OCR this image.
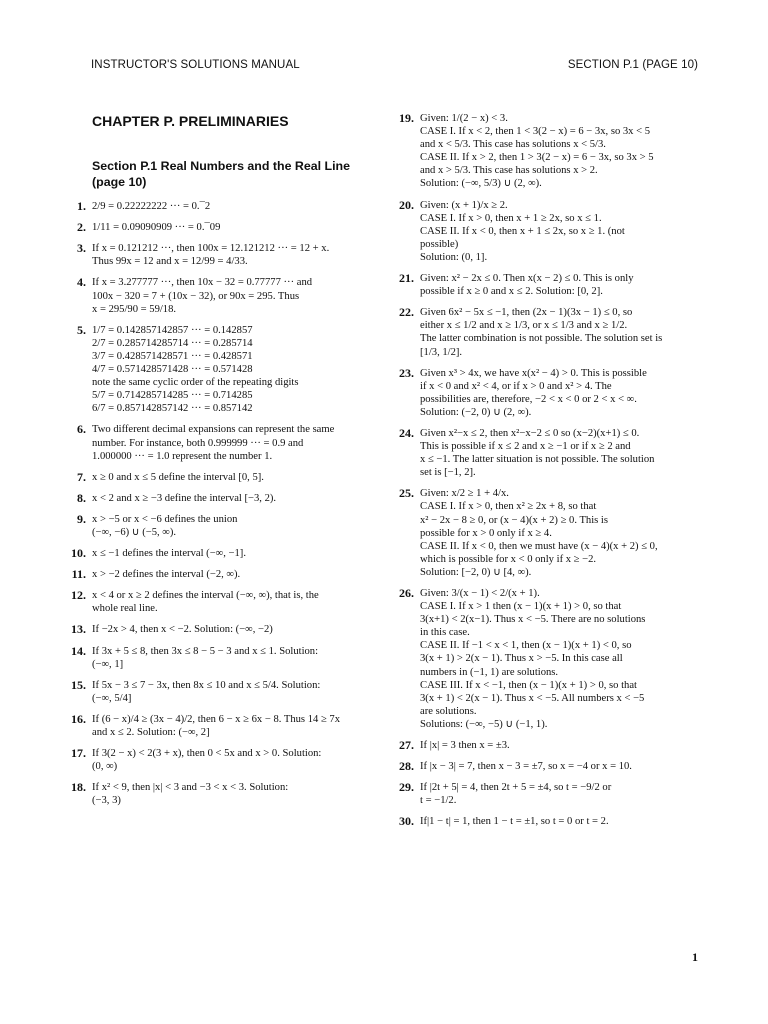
INSTRUCTOR'S SOLUTIONS MANUAL	SECTION P.1 (PAGE 10)
CHAPTER P. PRELIMINARIES
Section P.1 Real Numbers and the Real Line
(page 10)
1. 2/9 = 0.22222222 ··· = 0.¯2
2. 1/11 = 0.09090909 ··· = 0.¯09
3. If x = 0.121212 ···, then 100x = 12.121212 ··· = 12 + x.
Thus 99x = 12 and x = 12/99 = 4/33.
4. If x = 3.277777 ···, then 10x − 32 = 0.77777 ··· and
100x − 320 = 7 + (10x − 32), or 90x = 295. Thus
x = 295/90 = 59/18.
5. 1/7 = 0.142857142857 ··· = 0.142857
2/7 = 0.285714285714 ··· = 0.285714
3/7 = 0.428571428571 ··· = 0.428571
4/7 = 0.571428571428 ··· = 0.571428
note the same cyclic order of the repeating digits
5/7 = 0.714285714285 ··· = 0.714285
6/7 = 0.857142857142 ··· = 0.857142
6. Two different decimal expansions can represent the same
number. For instance, both 0.999999 ··· = 0.9 and
1.000000 ··· = 1.0 represent the number 1.
7. x ≥ 0 and x ≤ 5 define the interval [0, 5].
8. x < 2 and x ≥ −3 define the interval [−3, 2).
9. x > −5 or x < −6 defines the union
(−∞, −6) ∪ (−5, ∞).
10. x ≤ −1 defines the interval (−∞, −1].
11. x > −2 defines the interval (−2, ∞).
12. x < 4 or x ≥ 2 defines the interval (−∞, ∞), that is, the
whole real line.
13. If −2x > 4, then x < −2. Solution: (−∞, −2)
14. If 3x + 5 ≤ 8, then 3x ≤ 8 − 5 − 3 and x ≤ 1. Solution:
(−∞, 1]
15. If 5x − 3 ≤ 7 − 3x, then 8x ≤ 10 and x ≤ 5/4. Solution:
(−∞, 5/4]
16. If (6 − x)/4 ≥ (3x − 4)/2, then 6 − x ≥ 6x − 8. Thus 14 ≥ 7x
and x ≤ 2. Solution: (−∞, 2]
17. If 3(2 − x) < 2(3 + x), then 0 < 5x and x > 0. Solution:
(0, ∞)
18. If x² < 9, then |x| < 3 and −3 < x < 3. Solution:
(−3, 3)
19. Given: 1/(2 − x) < 3.
CASE I. If x < 2, then 1 < 3(2 − x) = 6 − 3x, so 3x < 5
and x < 5/3. This case has solutions x < 5/3.
CASE II. If x > 2, then 1 > 3(2 − x) = 6 − 3x, so 3x > 5
and x > 5/3. This case has solutions x > 2.
Solution: (−∞, 5/3) ∪ (2, ∞).
20. Given: (x + 1)/x ≥ 2.
CASE I. If x > 0, then x + 1 ≥ 2x, so x ≤ 1.
CASE II. If x < 0, then x + 1 ≤ 2x, so x ≥ 1. (not
possible)
Solution: (0, 1].
21. Given: x² − 2x ≤ 0. Then x(x − 2) ≤ 0. This is only
possible if x ≥ 0 and x ≤ 2. Solution: [0, 2].
22. Given 6x² − 5x ≤ −1, then (2x − 1)(3x − 1) ≤ 0, so
either x ≤ 1/2 and x ≥ 1/3, or x ≤ 1/3 and x ≥ 1/2.
The latter combination is not possible. The solution set is
[1/3, 1/2].
23. Given x³ > 4x, we have x(x² − 4) > 0. This is possible
if x < 0 and x² < 4, or if x > 0 and x² > 4. The
possibilities are, therefore, −2 < x < 0 or 2 < x < ∞.
Solution: (−2, 0) ∪ (2, ∞).
24. Given x²−x ≤ 2, then x²−x−2 ≤ 0 so (x−2)(x+1) ≤ 0.
This is possible if x ≤ 2 and x ≥ −1 or if x ≥ 2 and
x ≤ −1. The latter situation is not possible. The solution
set is [−1, 2].
25. Given: x/2 ≥ 1 + 4/x.
CASE I. If x > 0, then x² ≥ 2x + 8, so that
x² − 2x − 8 ≥ 0, or (x − 4)(x + 2) ≥ 0. This is
possible for x > 0 only if x ≥ 4.
CASE II. If x < 0, then we must have (x − 4)(x + 2) ≤ 0,
which is possible for x < 0 only if x ≥ −2.
Solution: [−2, 0) ∪ [4, ∞).
26. Given: 3/(x − 1) < 2/(x + 1).
CASE I. If x > 1 then (x − 1)(x + 1) > 0, so that
3(x+1) < 2(x−1). Thus x < −5. There are no solutions
in this case.
CASE II. If −1 < x < 1, then (x − 1)(x + 1) < 0, so
3(x + 1) > 2(x − 1). Thus x > −5. In this case all
numbers in (−1, 1) are solutions.
CASE III. If x < −1, then (x − 1)(x + 1) > 0, so that
3(x + 1) < 2(x − 1). Thus x < −5. All numbers x < −5
are solutions.
Solutions: (−∞, −5) ∪ (−1, 1).
27. If |x| = 3 then x = ±3.
28. If |x − 3| = 7, then x − 3 = ±7, so x = −4 or x = 10.
29. If |2t + 5| = 4, then 2t + 5 = ±4, so t = −9/2 or
t = −1/2.
30. If|1 − t| = 1, then 1 − t = ±1, so t = 0 or t = 2.
1
